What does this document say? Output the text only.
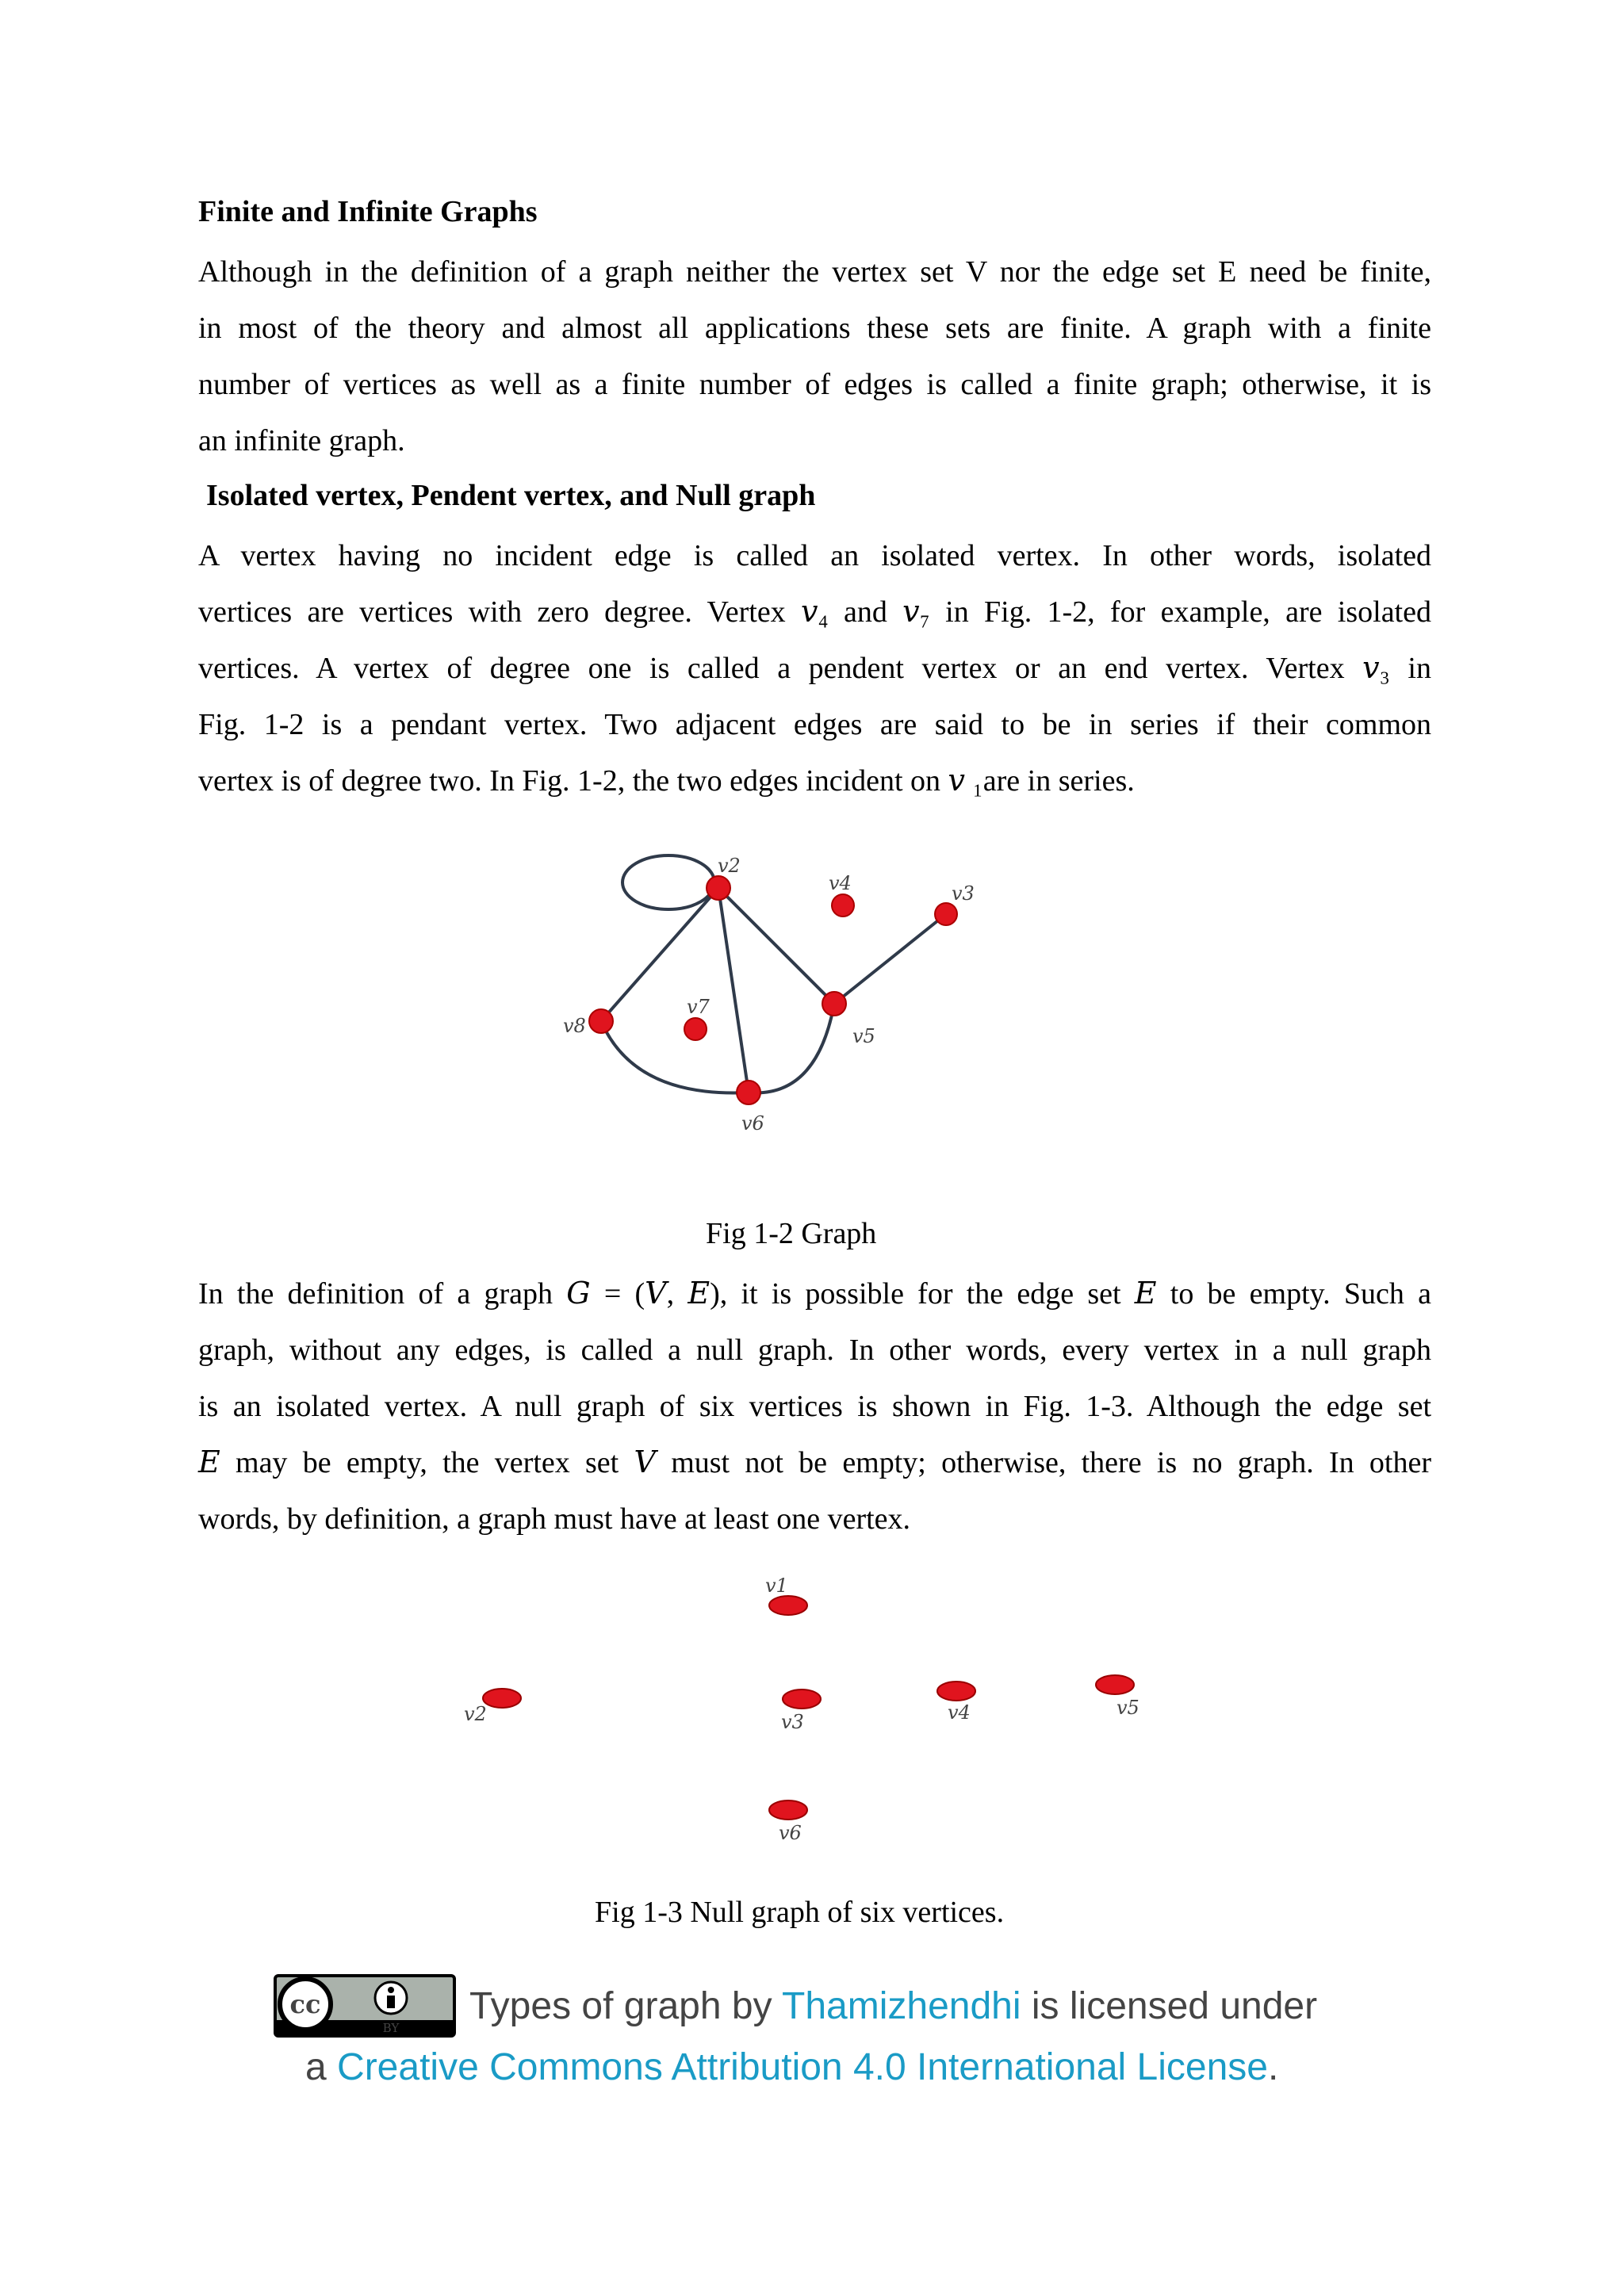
Finite and Infinite Graphs
Although in the definition of a graph neither the vertex set V nor the edge set E need be finite,
in most of the theory and almost all applications these sets are finite. A graph with a finite
number of vertices as well as a finite number of edges is called a finite graph; otherwise, it is
an infinite graph.
Isolated vertex, Pendent vertex, and Null graph
A vertex having no incident edge is called an isolated vertex. In other words, isolated
vertices are vertices with zero degree. Vertex 𝑣₄ and 𝑣₇ in Fig. 1-2, for example, are isolated
vertices. A vertex of degree one is called a pendent vertex or an end vertex. Vertex 𝑣₃ in
Fig. 1-2 is a pendant vertex. Two adjacent edges are said to be in series if their common
vertex is of degree two. In Fig. 1-2, the two edges incident on 𝑣 ₁are in series.
v2
v4	v3
v7
v8	v5
v6
Fig 1-2 Graph
In the definition of a graph 𝐺 = (𝑉, 𝐸), it is possible for the edge set 𝐸 to be empty. Such a
graph, without any edges, is called a null graph. In other words, every vertex in a null graph
is an isolated vertex. A null graph of six vertices is shown in Fig. 1-3. Although the edge set
𝐸 may be empty, the vertex set 𝑉 must not be empty; otherwise, there is no graph. In other
words, by definition, a graph must have at least one vertex.
v1
v2	v3	v4	v5
v6
Fig 1-3 Null graph of six vertices.
cc
BY
Types of graph by Thamizhendhi is licensed under
a Creative Commons Attribution 4.0 International License.
